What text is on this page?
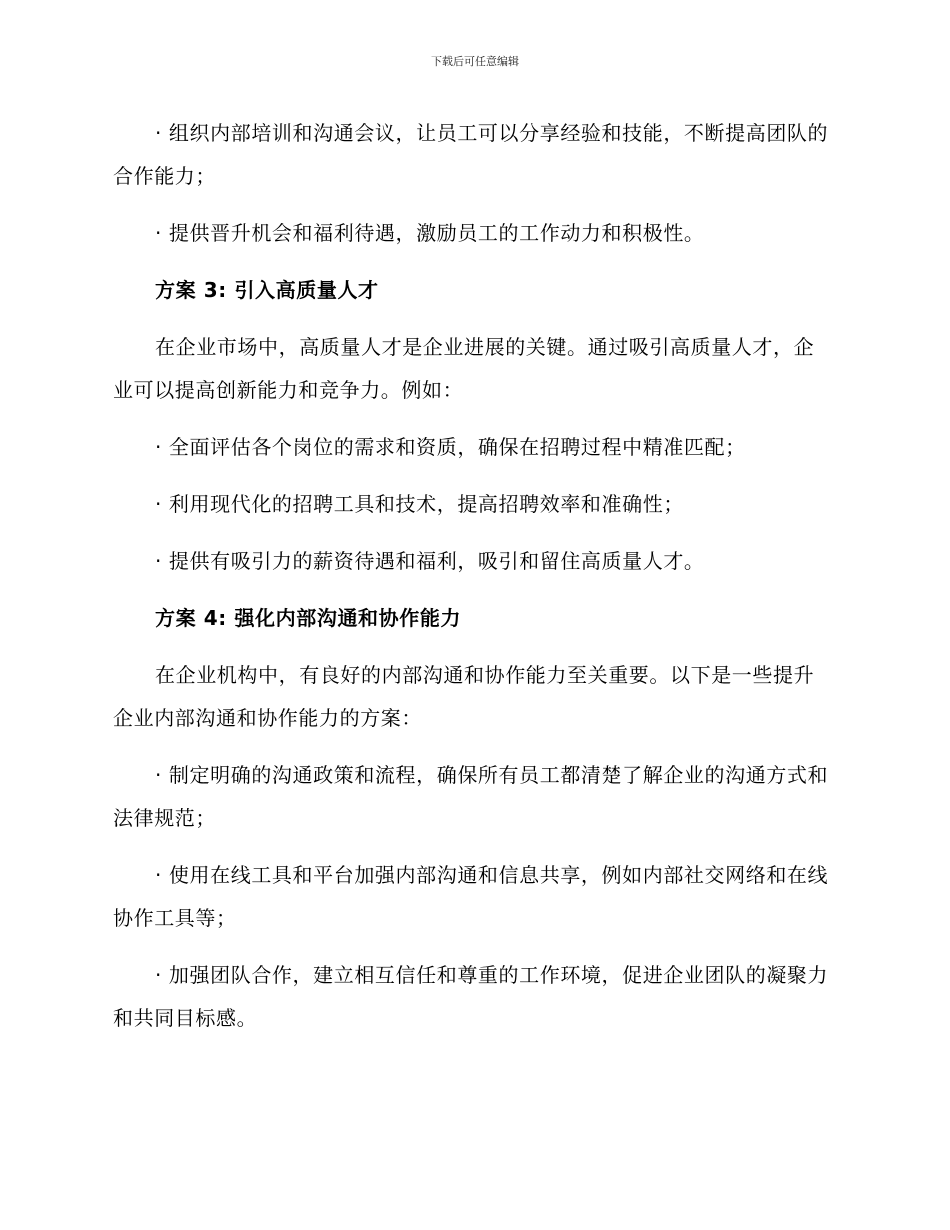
下载后可任意编辑

· 组织内部培训和沟通会议，让员工可以分享经验和技能，不断提高团队的合作能力；

· 提供晋升机会和福利待遇，激励员工的工作动力和积极性。

方案 3: 引入高质量人才

在企业市场中，高质量人才是企业进展的关键。通过吸引高质量人才，企业可以提高创新能力和竞争力。例如：

· 全面评估各个岗位的需求和资质，确保在招聘过程中精准匹配；

· 利用现代化的招聘工具和技术，提高招聘效率和准确性；

· 提供有吸引力的薪资待遇和福利，吸引和留住高质量人才。

方案 4: 强化内部沟通和协作能力

在企业机构中，有良好的内部沟通和协作能力至关重要。以下是一些提升企业内部沟通和协作能力的方案：

· 制定明确的沟通政策和流程，确保所有员工都清楚了解企业的沟通方式和法律规范；

· 使用在线工具和平台加强内部沟通和信息共享，例如内部社交网络和在线协作工具等；

· 加强团队合作，建立相互信任和尊重的工作环境，促进企业团队的凝聚力和共同目标感。
